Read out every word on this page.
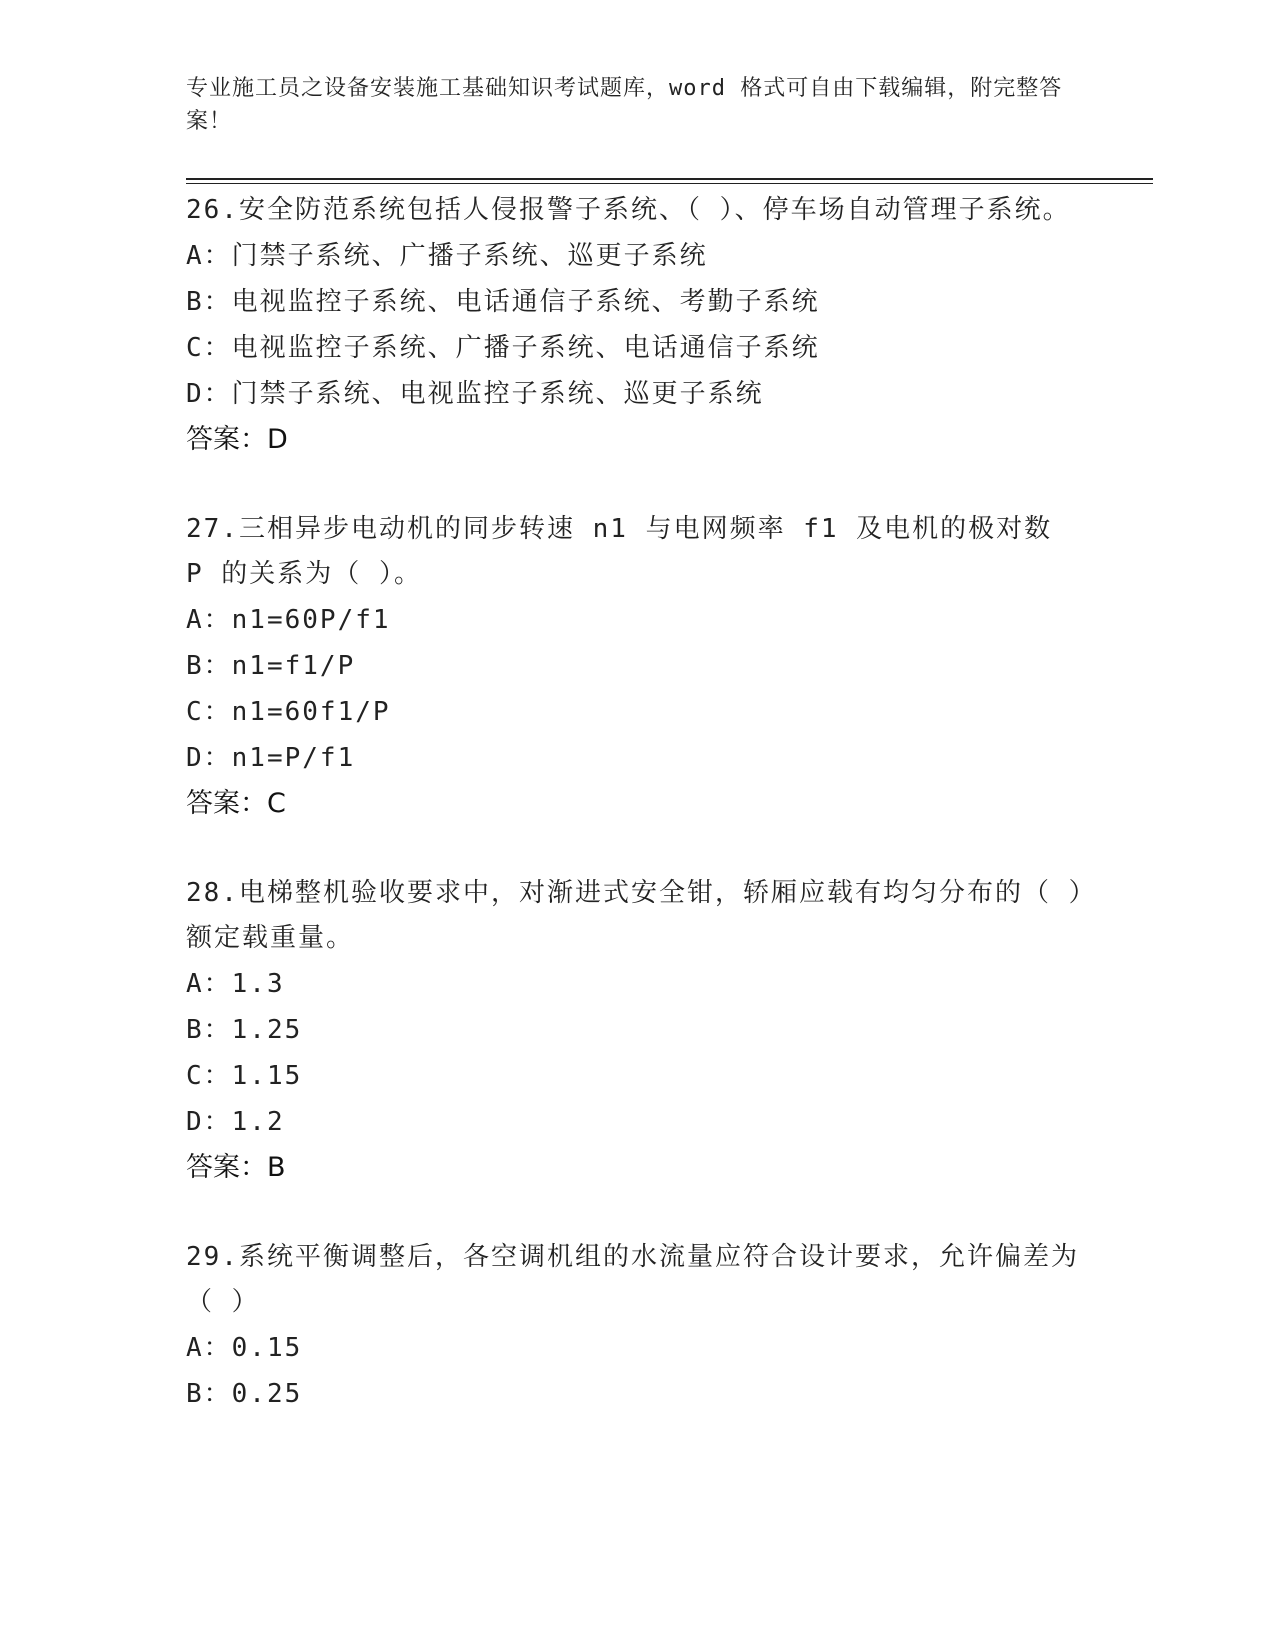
专业施工员之设备安装施工基础知识考试题库，word 格式可自由下载编辑，附完整答案！

26.安全防范系统包括人侵报警子系统、（ ）、停车场自动管理子系统。

A：门禁子系统、广播子系统、巡更子系统

B：电视监控子系统、电话通信子系统、考勤子系统

C：电视监控子系统、广播子系统、电话通信子系统

D：门禁子系统、电视监控子系统、巡更子系统

答案：D

27.三相异步电动机的同步转速 n1 与电网频率 f1 及电机的极对数 P 的关系为（ ）。

A：n1=60P/f1

B：n1=f1/P

C：n1=60f1/P

D：n1=P/f1

答案：C

28.电梯整机验收要求中，对渐进式安全钳，轿厢应载有均匀分布的（ ）额定载重量。

A：1.3

B：1.25

C：1.15

D：1.2

答案：B

29.系统平衡调整后，各空调机组的水流量应符合设计要求，允许偏差为（ ）

A：0.15

B：0.25
